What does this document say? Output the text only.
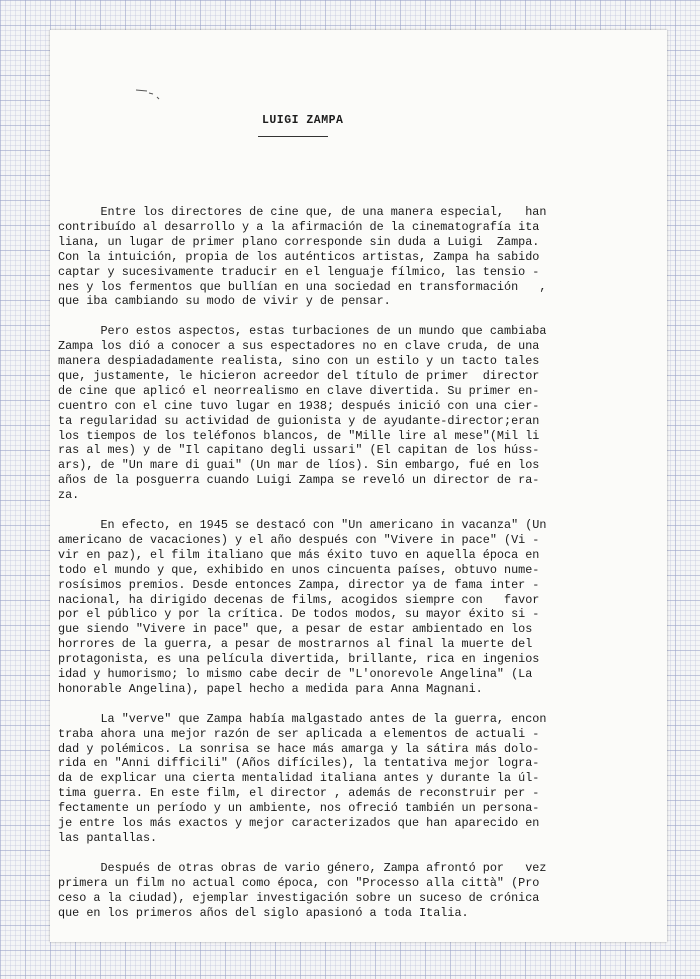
LUIGI ZAMPA

Entre los directores de cine que, de una manera especial,   han
contribuído al desarrollo y a la afirmación de la cinematografía ita
liana, un lugar de primer plano corresponde sin duda a Luigi  Zampa.
Con la intuición, propia de los auténticos artistas, Zampa ha sabido
captar y sucesivamente traducir en el lenguaje fílmico, las tensio -
nes y los fermentos que bullían en una sociedad en transformación   ,
que iba cambiando su modo de vivir y de pensar.

Pero estos aspectos, estas turbaciones de un mundo que cambiaba
Zampa los dió a conocer a sus espectadores no en clave cruda, de una
manera despiadadamente realista, sino con un estilo y un tacto tales
que, justamente, le hicieron acreedor del título de primer  director
de cine que aplicó el neorrealismo en clave divertida. Su primer en-
cuentro con el cine tuvo lugar en 1938; después inició con una cier-
ta regularidad su actividad de guionista y de ayudante-director;eran
los tiempos de los teléfonos blancos, de "Mille lire al mese"(Mil li
ras al mes) y de "Il capitano degli ussari" (El capitan de los húss-
ars), de "Un mare di guai" (Un mar de líos). Sin embargo, fué en los
años de la posguerra cuando Luigi Zampa se reveló un director de ra-
za.

En efecto, en 1945 se destacó con "Un americano in vacanza" (Un
americano de vacaciones) y el año después con "Vivere in pace" (Vi -
vir en paz), el film italiano que más éxito tuvo en aquella época en
todo el mundo y que, exhibido en unos cincuenta países, obtuvo nume-
rosísimos premios. Desde entonces Zampa, director ya de fama inter -
nacional, ha dirigido decenas de films, acogidos siempre con   favor
por el público y por la crítica. De todos modos, su mayor éxito si -
gue siendo "Vivere in pace" que, a pesar de estar ambientado en los
horrores de la guerra, a pesar de mostrarnos al final la muerte del
protagonista, es una película divertida, brillante, rica en ingenios
idad y humorismo; lo mismo cabe decir de "L'onorevole Angelina" (La
honorable Angelina), papel hecho a medida para Anna Magnani.

La "verve" que Zampa había malgastado antes de la guerra, encon
traba ahora una mejor razón de ser aplicada a elementos de actuali -
dad y polémicos. La sonrisa se hace más amarga y la sátira más dolo-
rida en "Anni difficili" (Años difíciles), la tentativa mejor logra-
da de explicar una cierta mentalidad italiana antes y durante la úl-
tima guerra. En este film, el director , además de reconstruir per -
fectamente un período y un ambiente, nos ofreció también un persona-
je entre los más exactos y mejor caracterizados que han aparecido en
las pantallas.

Después de otras obras de vario género, Zampa afrontó por   vez
primera un film no actual como época, con "Processo alla città" (Pro
ceso a la ciudad), ejemplar investigación sobre un suceso de crónica
que en los primeros años del siglo apasionó a toda Italia.
